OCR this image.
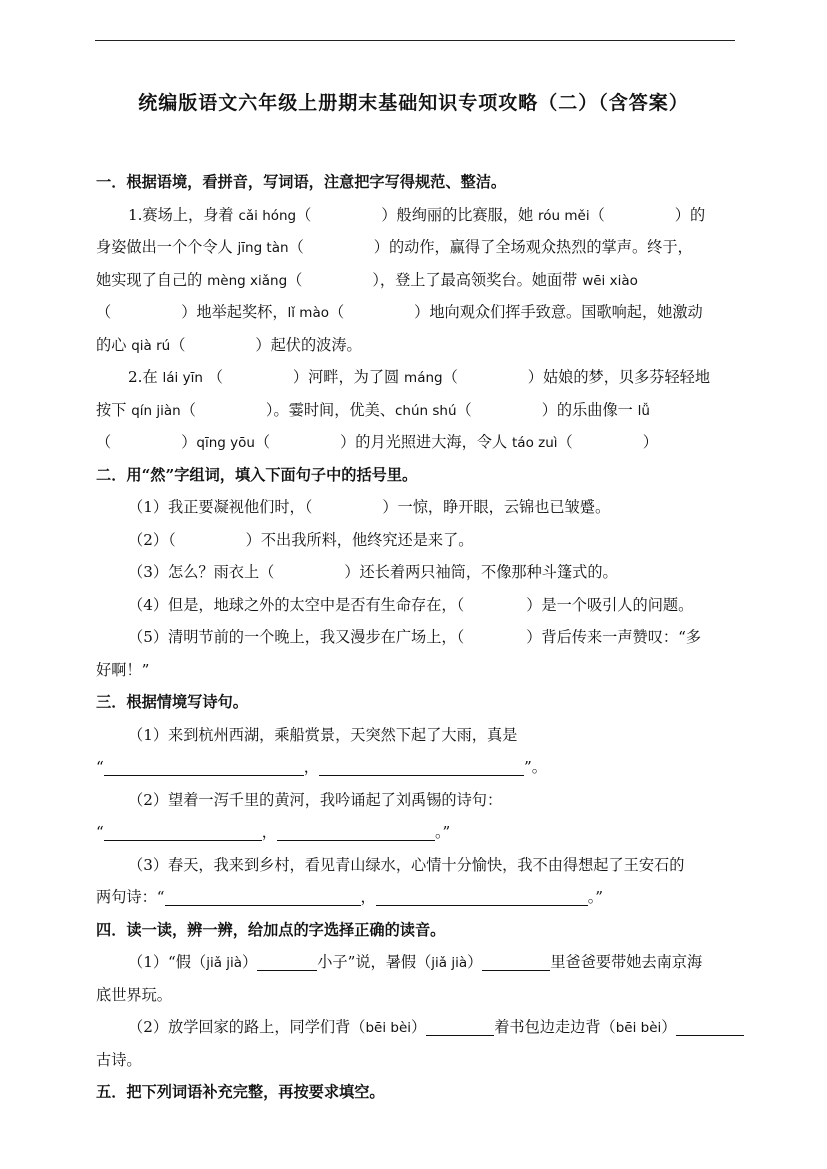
统编版语文六年级上册期末基础知识专项攻略（二）（含答案）
一．根据语境，看拼音，写词语，注意把字写得规范、整洁。
1.赛场上，身着 cǎi hóng（	）般绚丽的比赛服，她 róu měi（	）的
身姿做出一个个令人 jīng tàn（	）的动作，赢得了全场观众热烈的掌声。终于，
她实现了自己的 mèng xiǎng（	），登上了最高领奖台。她面带 wēi xiào
（	）地举起奖杯，lǐ mào（	）地向观众们挥手致意。国歌响起，她激动
的心 qià rú（	）起伏的波涛。
2.在 lái yīn （	）河畔，为了圆 máng（	）姑娘的梦，贝多芬轻轻地
按下 qín jiàn（	）。霎时间，优美、chún shú（	）的乐曲像一 lǚ
（	）qīng yōu（	）的月光照进大海，令人 táo zuì（	）
二．用“然”字组词，填入下面句子中的括号里。
（1）我正要凝视他们时，（	）一惊，睁开眼，云锦也已皱蹙。
（2）（	）不出我所料，他终究还是来了。
（3）怎么？雨衣上（	）还长着两只袖筒，不像那种斗篷式的。
（4）但是，地球之外的太空中是否有生命存在，（	）是一个吸引人的问题。
（5）清明节前的一个晚上，我又漫步在广场上，（	）背后传来一声赞叹：“多
好啊！”
三．根据情境写诗句。
（1）来到杭州西湖，乘船赏景，天突然下起了大雨，真是
“	，	”。
（2）望着一泻千里的黄河，我吟诵起了刘禹锡的诗句：
“	，	。”
（3）春天，我来到乡村，看见青山绿水，心情十分愉快，我不由得想起了王安石的
两句诗：“	，	。”
四．读一读，辨一辨，给加点的字选择正确的读音。
（1）“假（jiǎ jià）	小子”说，暑假（jiǎ jià）	里爸爸要带她去南京海
底世界玩。
（2）放学回家的路上，同学们背（bēi bèi）	着书包边走边背（bēi bèi）
古诗。
五．把下列词语补充完整，再按要求填空。
